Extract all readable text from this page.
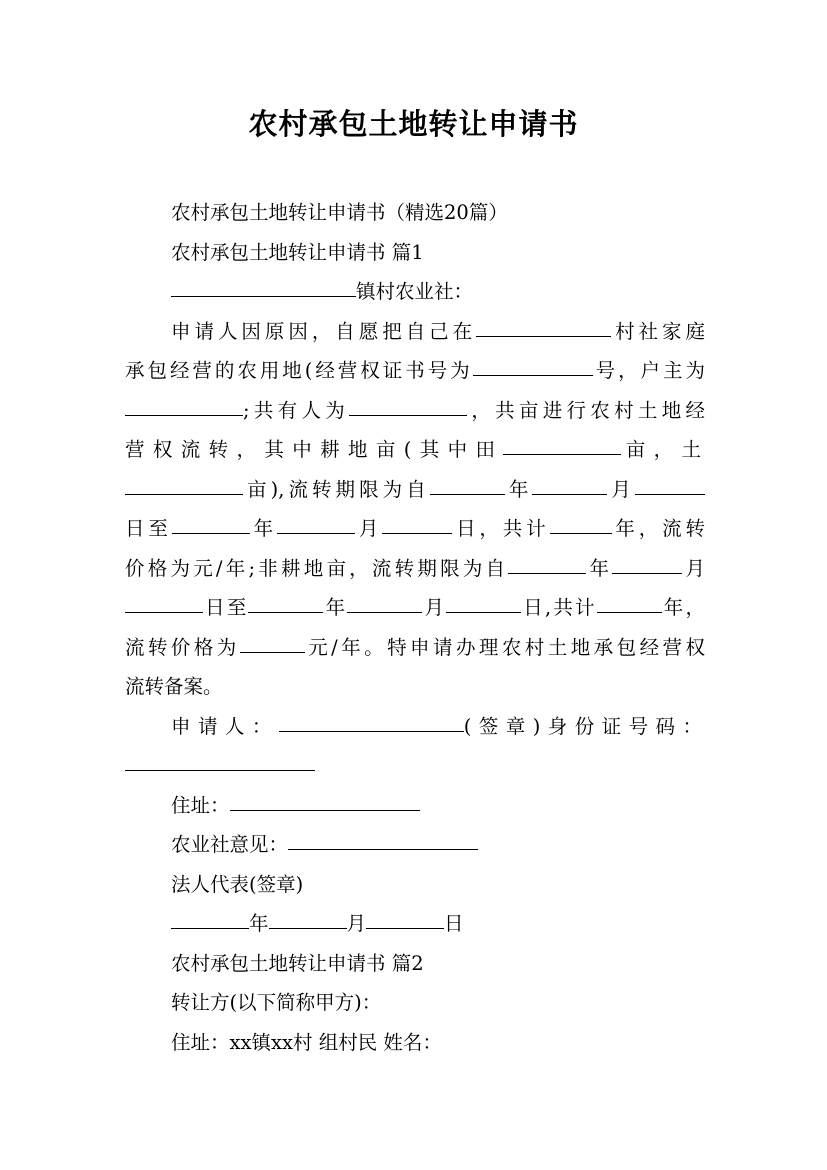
农村承包土地转让申请书
农村承包土地转让申请书（精选20篇）
农村承包土地转让申请书 篇1
镇村农业社：
申请人因原因，自愿把自己在	村社家庭
承包经营的农用地(经营权证书号为	号，户主为
;共有人为	，共亩进行农村土地经
营权流转，其中耕地亩(其中田	亩，土
亩),流转期限为自	年	月
日至	年	月	日，共计	年，流转
价格为元/年;非耕地亩，流转期限为自	年	月
日至	年	月	日,共计	年，
流转价格为	元/年。特申请办理农村土地承包经营权
流转备案。
申请人：	(签章)身份证号码：
住址：
农业社意见：
法人代表(签章)
年	月	日
农村承包土地转让申请书 篇2
转让方(以下简称甲方)：
住址：xx镇xx村 组村民 姓名：
